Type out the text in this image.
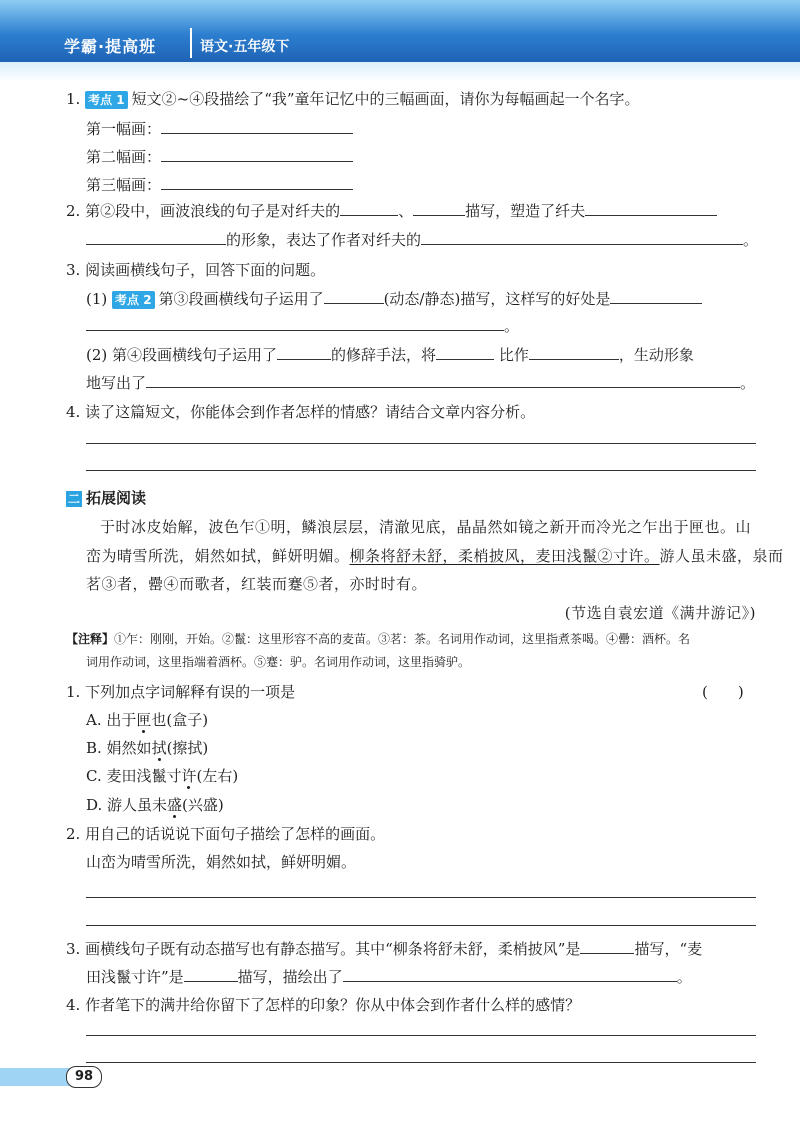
学霸·提高班	语文·五年级下
1. 考点 1 短文②~④段描绘了“我”童年记忆中的三幅画面，请你为每幅画起一个名字。
第一幅画：
第二幅画：
第三幅画：
2. 第②段中，画波浪线的句子是对纤夫的	、	描写，塑造了纤夫
的形象，表达了作者对纤夫的	。
3. 阅读画横线句子，回答下面的问题。
(1) 考点 2 第③段画横线句子运用了	(动态/静态)描写，这样写的好处是
。
(2) 第④段画横线句子运用了	的修辞手法，将	比作	，生动形象
地写出了	。
4. 读了这篇短文，你能体会到作者怎样的情感？请结合文章内容分析。
二 拓展阅读
于时冰皮始解，波色乍①明，鳞浪层层，清澈见底，晶晶然如镜之新开而冷光之乍出于匣也。山
峦为晴雪所洗，娟然如拭，鲜妍明媚。柳条将舒未舒，柔梢披风，麦田浅鬣②寸许。游人虽未盛，泉而
茗③者，罍④而歌者，红装而蹇⑤者，亦时时有。
(节选自袁宏道《满井游记》)
【注释】①乍：刚刚，开始。②鬣：这里形容不高的麦苗。③茗：茶。名词用作动词，这里指煮茶喝。④罍：酒杯。名
词用作动词，这里指端着酒杯。⑤蹇：驴。名词用作动词，这里指骑驴。
1. 下列加点字词解释有误的一项是	(　　)
A. 出于匣也(盒子)
B. 娟然如拭(擦拭)
C. 麦田浅鬣寸许(左右)
D. 游人虽未盛(兴盛)
2. 用自己的话说说下面句子描绘了怎样的画面。
山峦为晴雪所洗，娟然如拭，鲜妍明媚。
3. 画横线句子既有动态描写也有静态描写。其中“柳条将舒未舒，柔梢披风”是	描写，“麦
田浅鬣寸许”是	描写，描绘出了	。
4. 作者笔下的满井给你留下了怎样的印象？你从中体会到作者什么样的感情？
98
